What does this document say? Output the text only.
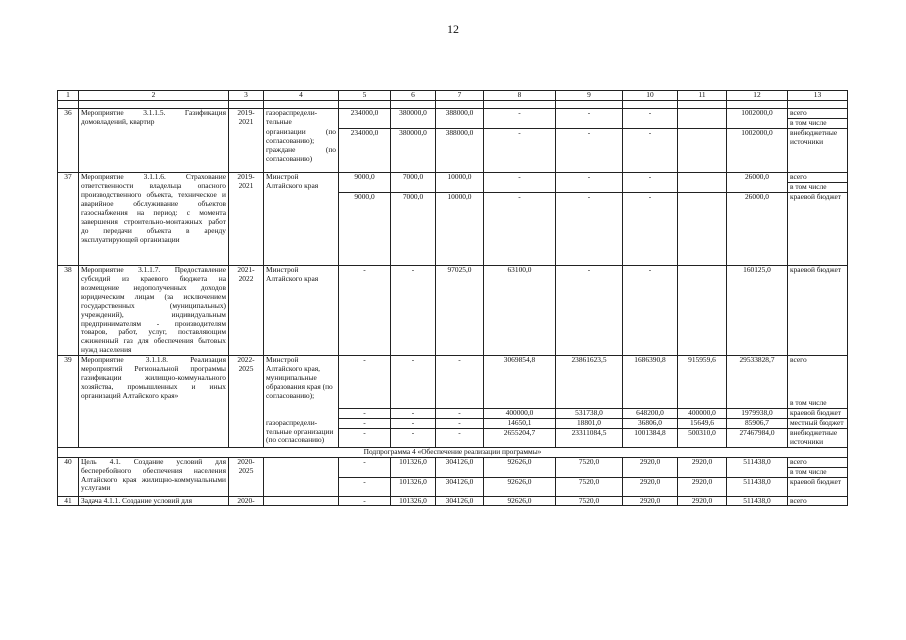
12
1	2	3	4	5	6	7	8	9	10	11	12	13

36	Мероприятие 3.1.1.5. Газификация домовладений, квартир	2019-2021	газораспредели-тельные	234000,0	380000,0	388000,0	-	-	-		1002000,0	всего
												в том числе
			организации (по согласованию); граждане (по согласованию)	234000,0	380000,0	388000,0	-	-	-		1002000,0	внебюджетные источники
37	Мероприятие 3.1.1.6. Страхование ответственности владельца опасного производственного объекта, техническое и аварийное обслуживание объектов газоснабжения на период: с момента завершения строительно-монтажных работ до передачи объекта в аренду эксплуатирующей организации	2019-2021	Минстрой Алтайского края	9000,0	7000,0	10000,0	-	-	-		26000,0	всего
												в том числе
				9000,0	7000,0	10000,0	-	-	-		26000,0	краевой бюджет
38	Мероприятие 3.1.1.7. Предоставление субсидий из краевого бюджета на возмещение недополученных доходов юридическим лицам (за исключением государственных (муниципальных) учреждений), индивидуальным предпринимателям - производителям товаров, работ, услуг, поставляющим сжиженный газ для обеспечения бытовых нужд населения	2021-2022	Минстрой Алтайского края	-	-	97025,0	63100,0	-	-		160125,0	краевой бюджет
39	Мероприятие 3.1.1.8. Реализация мероприятий Региональной программы газификации жилищно-коммунального хозяйства, промышленных и иных организаций Алтайского края»	2022-2025	Минстрой Алтайского края, муниципальные образования края (по согласованию);	-	-	-	3069854,8	23861623,5	1686390,8	915959,6	29533828,7	всего
												в том числе
				-	-	-	400000,0	531738,0	648200,0	400000,0	1979938,0	краевой бюджет
			газораспредели-тельные организации (по согласованию)	-	-	-	14650,1	18801,0	36806,0	15649,6	85906,7	местный бюджет
				-	-	-	2655204,7	23311084,5	1001384,8	500310,0	27467984,0	внебюджетные источники
Подпрограмма 4 «Обеспечение реализации программы»												
40	Цель 4.1. Создание условий для бесперебойного обеспечения населения Алтайского края жилищно-коммунальными услугами	2020-2025		-	101326,0	304126,0	92626,0	7520,0	2920,0	2920,0	511438,0	всего
												в том числе
				-	101326,0	304126,0	92626,0	7520,0	2920,0	2920,0	511438,0	краевой бюджет
41	Задача 4.1.1. Создание условий для	2020-		-	101326,0	304126,0	92626,0	7520,0	2920,0	2920,0	511438,0	всего
